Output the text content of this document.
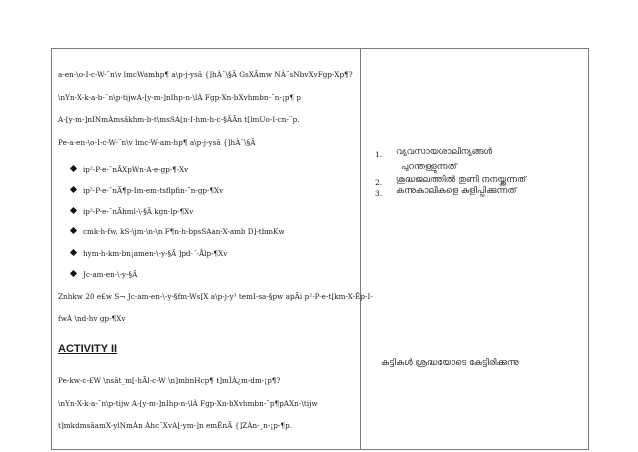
a-en-\o-I-c-W-¨n\v lmcWamhp¶ a\p-j-ysâ {]hÀ¯\§Ä GsXÃmw NÀ¨sNbvXvFgp-Xp¶?
\nYn-X-k-a-b-¯n\p-tijwA-[y-m-]nIhp-n-\lÀ Fgp-Xn-bXvhmbn-¨n-¡p¶ p
A-[y-m-]nINmÀmsâkhm-b-t\msSA[n-I-hm-h-c-§ÄÃn t[lmUo-I-cn-¨p.
Pe-a-en-\o-I-c-W-¨n\v lmc-W-am-hp¶ a\p-j-ysâ {]hÀ¯\§Ä
ip²-P-e-¯nÃXpWn-A-e-gp-¶-Xv
ip²-P-e-¯nÃ¶p-Im-em-tsflpfin-¨n-gp-¶Xv
ip²-P-e-¯nÃhml-\-§Ä kgn-lp-¶Xv
cmk-h-fw, kS-\jm-\n-\n F¶n-h-bpsSAan-X-amb D]-tbmKw
hym-h-km-bn¡amen-\-y-§Ä ]pd-´-Ålp-¶Xv
Jc-am-en-\-y-§Ä
Znhkw 20 e£w S¬ Jc-am-en-\-y-§fm-Ws[X a\p-j-y³ temI-sa-§pw apÃi p²-P-e-t[km-X-Êp-I-
fwÀ \nd-hv gp-¶Xv
ACTIVITY II
Pe-kw-c-£W \nsât_m[-hÃl-c-W \n]mbnHcp¶ t]mÌÀ¿m-dm-¡p¶?
\nYn-X-k-a-¯n\p-tijw A-[y-m-]nIhp-n-\lÀ Fgp-Xn-bXvhmbn-¨p¶pAXn-\tijw
t]mkdmsâamX-ylNmÀn Àhc¨XvA[-ym-]n emÊnÃ {]ZÀn-¸n-¡p-¶p.

1. വ്യവസായശാലിന്യങ്ങൾ
പുറന്തള്ളുന്നത്
2. ശുദ്ധജലത്തിൽ തുണി നനയ്ക്കുന്നത്
3. കന്നുകാലികളെ കുളിപ്പിക്കുന്നത്
കുട്ടികൾ ശ്രദ്ധയോടെ കേട്ടിരിക്കുന്നു
